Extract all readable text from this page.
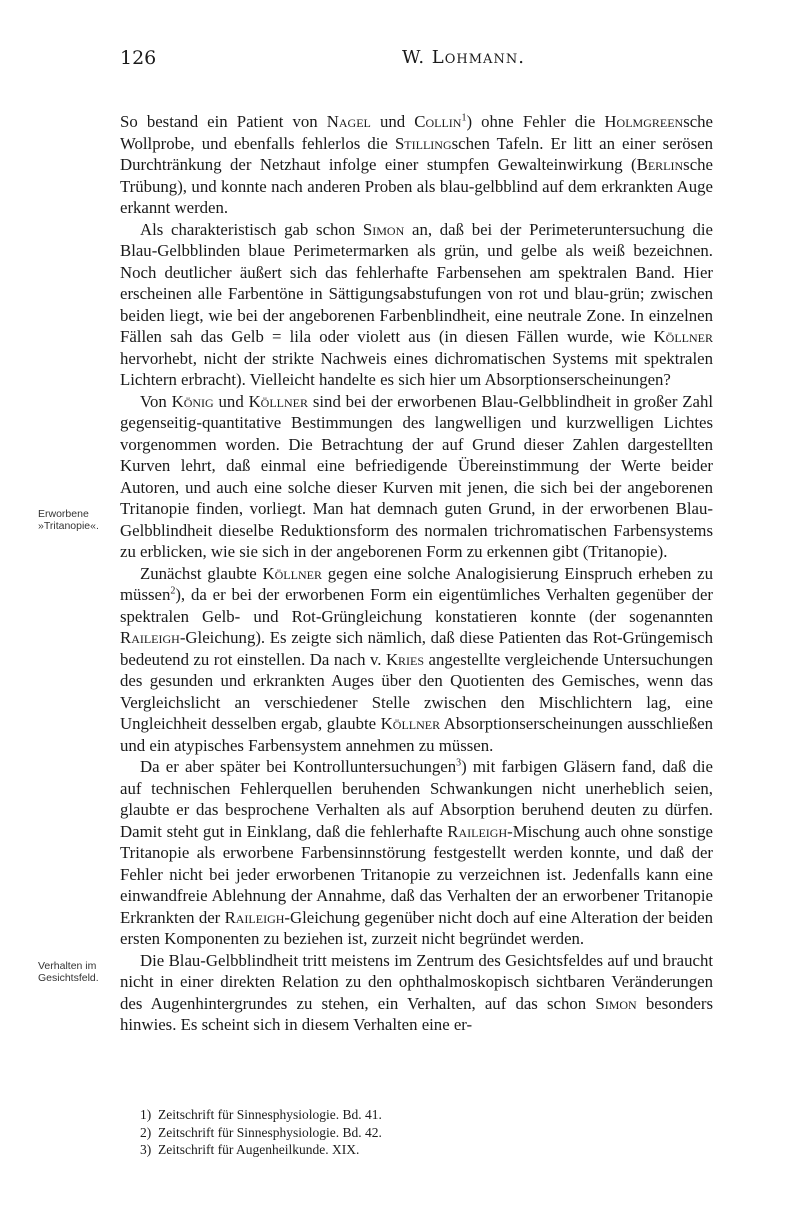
126	W. Lohmann.
Erworbene »Tritanopie«.
Verhalten im Gesichtsfeld.

So bestand ein Patient von Nagel und Collin$^1$) ohne Fehler die Holmgreensche Wollprobe, und ebenfalls fehlerlos die Stillingschen Tafeln. Er litt an einer serösen Durchtränkung der Netzhaut infolge einer stumpfen Gewalteinwirkung (Berlinsche Trübung), und konnte nach anderen Proben als blau-gelbblind auf dem erkrankten Auge erkannt werden.

Als charakteristisch gab schon Simon an, daß bei der Perimeteruntersuchung die Blau-Gelbblinden blaue Perimetermarken als grün, und gelbe als weiß bezeichnen. Noch deutlicher äußert sich das fehlerhafte Farbensehen am spektralen Band. Hier erscheinen alle Farbentöne in Sättigungsabstufungen von rot und blau-grün; zwischen beiden liegt, wie bei der angeborenen Farbenblindheit, eine neutrale Zone. In einzelnen Fällen sah das Gelb = lila oder violett aus (in diesen Fällen wurde, wie Köllner hervorhebt, nicht der strikte Nachweis eines dichromatischen Systems mit spektralen Lichtern erbracht). Vielleicht handelte es sich hier um Absorptionserscheinungen?

Von König und Köllner sind bei der erworbenen Blau-Gelbblindheit in großer Zahl gegenseitig-quantitative Bestimmungen des langwelligen und kurzwelligen Lichtes vorgenommen worden. Die Betrachtung der auf Grund dieser Zahlen dargestellten Kurven lehrt, daß einmal eine befriedigende Übereinstimmung der Werte beider Autoren, und auch eine solche dieser Kurven mit jenen, die sich bei der angeborenen Tritanopie finden, vorliegt. Man hat demnach guten Grund, in der erworbenen Blau-Gelbblindheit dieselbe Reduktionsform des normalen trichromatischen Farbensystems zu erblicken, wie sie sich in der angeborenen Form zu erkennen gibt (Tritanopie).

Zunächst glaubte Köllner gegen eine solche Analogisierung Einspruch erheben zu müssen$^2$), da er bei der erworbenen Form ein eigentümliches Verhalten gegenüber der spektralen Gelb- und Rot-Grüngleichung konstatieren konnte (der sogenannten Raileigh-Gleichung). Es zeigte sich nämlich, daß diese Patienten das Rot-Grüngemisch bedeutend zu rot einstellen. Da nach v. Kries angestellte vergleichende Untersuchungen des gesunden und erkrankten Auges über den Quotienten des Gemisches, wenn das Vergleichslicht an verschiedener Stelle zwischen den Mischlichtern lag, eine Ungleichheit desselben ergab, glaubte Köllner Absorptionserscheinungen ausschließen und ein atypisches Farbensystem annehmen zu müssen.

Da er aber später bei Kontrolluntersuchungen$^3$) mit farbigen Gläsern fand, daß die auf technischen Fehlerquellen beruhenden Schwankungen nicht unerheblich seien, glaubte er das besprochene Verhalten als auf Absorption beruhend deuten zu dürfen. Damit steht gut in Einklang, daß die fehlerhafte Raileigh-Mischung auch ohne sonstige Tritanopie als erworbene Farbensinnstörung festgestellt werden konnte, und daß der Fehler nicht bei jeder erworbenen Tritanopie zu verzeichnen ist. Jedenfalls kann eine einwandfreie Ablehnung der Annahme, daß das Verhalten der an erworbener Tritanopie Erkrankten der Raileigh-Gleichung gegenüber nicht doch auf eine Alteration der beiden ersten Komponenten zu beziehen ist, zurzeit nicht begründet werden.

Die Blau-Gelbblindheit tritt meistens im Zentrum des Gesichtsfeldes auf und braucht nicht in einer direkten Relation zu den ophthalmoskopisch sichtbaren Veränderungen des Augenhintergrundes zu stehen, ein Verhalten, auf das schon Simon besonders hinwies. Es scheint sich in diesem Verhalten eine er-

1) Zeitschrift für Sinnesphysiologie. Bd. 41.
2) Zeitschrift für Sinnesphysiologie. Bd. 42.
3) Zeitschrift für Augenheilkunde. XIX.
